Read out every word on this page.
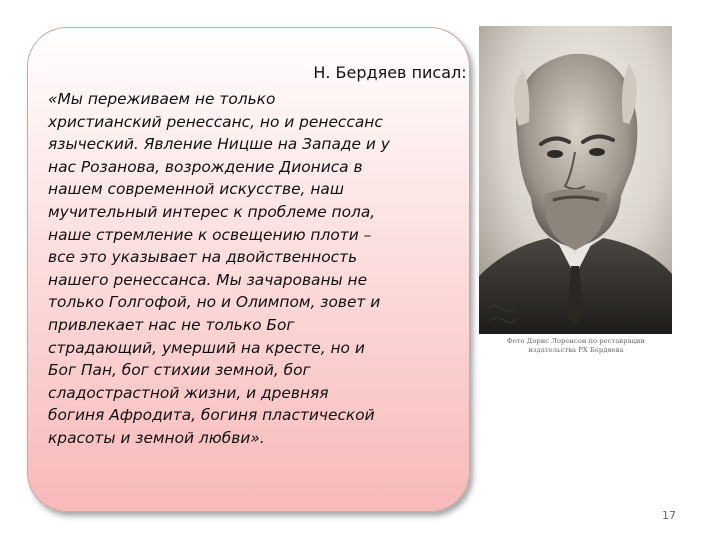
Н. Бердяев писал:

«Мы переживаем не только
христианский ренессанс, но и ренессанс
языческий. Явление Ницше на Западе и у
нас Розанова, возрождение Диониса в
нашем современной искусстве, наш
мучительный интерес к проблеме пола,
наше стремление к освещению плоти –
все это указывает на двойственность
нашего ренессанса. Мы зачарованы не
только Голгофой, но и Олимпом, зовет и
привлекает нас не только Бог
страдающий, умерший на кресте, но и
Бог Пан, бог стихии земной, бог
сладострастной жизни, и древняя
богиня Афродита, богиня пластической
красоты и земной любви».

Фото Дорис Лоренсон по реставрации
издательства РХ Бердяева
17
